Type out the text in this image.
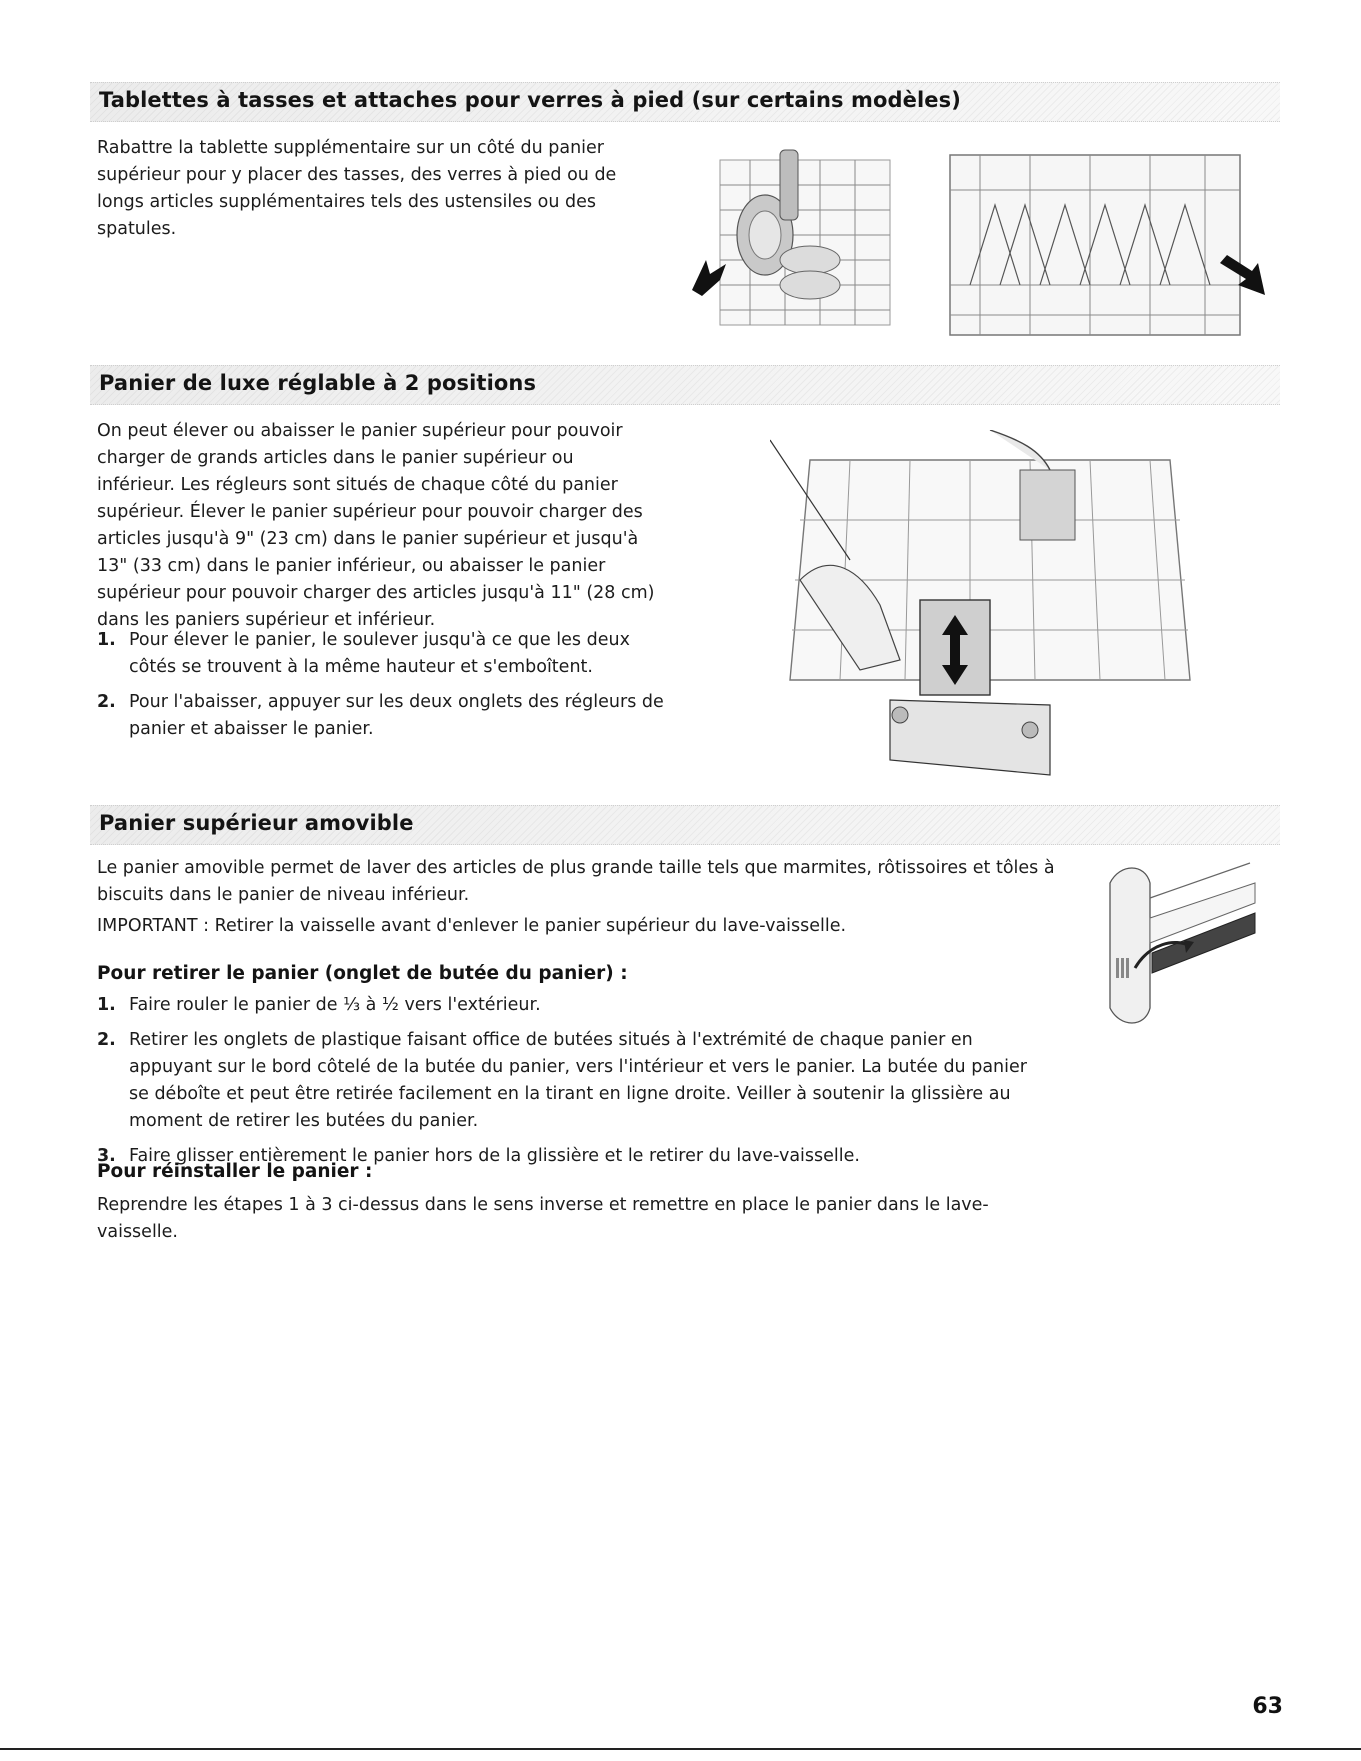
Tablettes à tasses et attaches pour verres à pied (sur certains modèles)

Rabattre la tablette supplémentaire sur un côté du panier supérieur pour y placer des tasses, des verres à pied ou de longs articles supplémentaires tels des ustensiles ou des spatules.

Panier de luxe réglable à 2 positions

On peut élever ou abaisser le panier supérieur pour pouvoir charger de grands articles dans le panier supérieur ou inférieur. Les régleurs sont situés de chaque côté du panier supérieur. Élever le panier supérieur pour pouvoir charger des articles jusqu'à 9" (23 cm) dans le panier supérieur et jusqu'à 13" (33 cm) dans le panier inférieur, ou abaisser le panier supérieur pour pouvoir charger des articles jusqu'à 11" (28 cm) dans les paniers supérieur et inférieur.

1. Pour élever le panier, le soulever jusqu'à ce que les deux côtés se trouvent à la même hauteur et s'emboîtent.
2. Pour l'abaisser, appuyer sur les deux onglets des régleurs de panier et abaisser le panier.
Panier supérieur amovible

Le panier amovible permet de laver des articles de plus grande taille tels que marmites, rôtissoires et tôles à biscuits dans le panier de niveau inférieur.

IMPORTANT : Retirer la vaisselle avant d'enlever le panier supérieur du lave-vaisselle.

Pour retirer le panier (onglet de butée du panier) :

1. Faire rouler le panier de ⅓ à ½ vers l'extérieur.
2. Retirer les onglets de plastique faisant office de butées situés à l'extrémité de chaque panier en appuyant sur le bord côtelé de la butée du panier, vers l'intérieur et vers le panier. La butée du panier se déboîte et peut être retirée facilement en la tirant en ligne droite. Veiller à soutenir la glissière au moment de retirer les butées du panier.
3. Faire glisser entièrement le panier hors de la glissière et le retirer du lave-vaisselle.

Pour réinstaller le panier :

Reprendre les étapes 1 à 3 ci-dessus dans le sens inverse et remettre en place le panier dans le lave-vaisselle.

63
